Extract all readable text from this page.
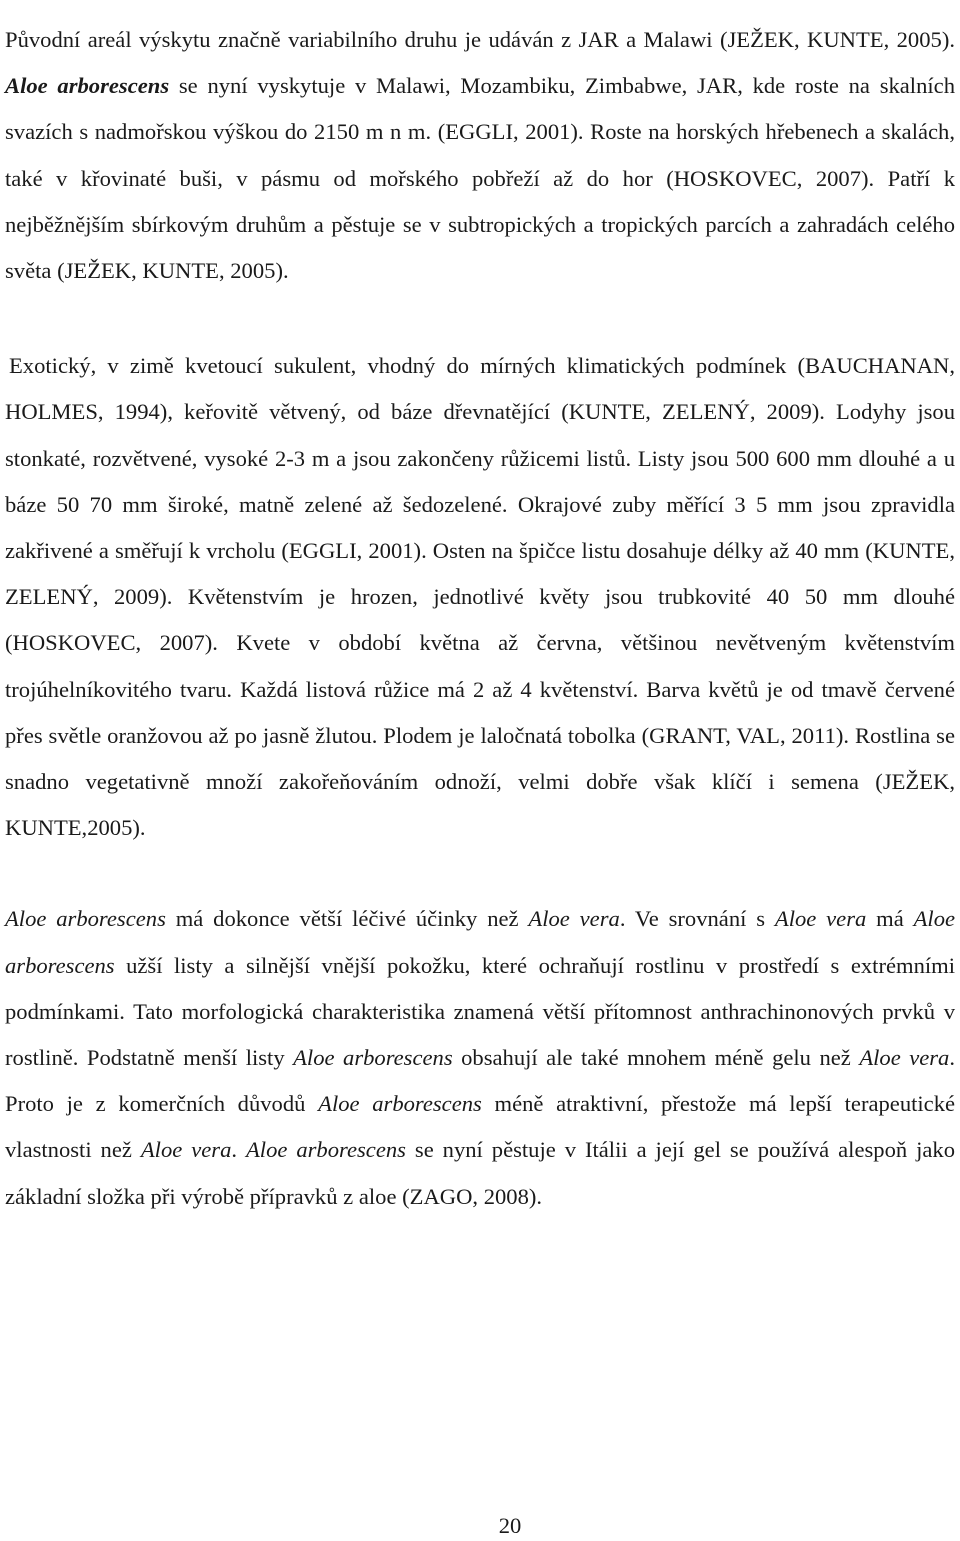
Původní areál výskytu značně variabilního druhu je udáván z JAR a Malawi (JEŽEK, KUNTE, 2005). Aloe arborescens se nyní vyskytuje v Malawi, Mozambiku, Zimbabwe, JAR, kde roste na skalních svazích s nadmořskou výškou do 2150 m n m. (EGGLI, 2001). Roste na horských hřebenech a skalách, také v křovinaté buši, v pásmu od mořského pobřeží až do hor (HOSKOVEC, 2007). Patří k nejběžnějším sbírkovým druhům a pěstuje se v subtropických a tropických parcích a zahradách celého světa (JEŽEK, KUNTE, 2005).

Exotický, v zimě kvetoucí sukulent, vhodný do mírných klimatických podmínek (BAUCHANAN, HOLMES, 1994), keřovitě větvený, od báze dřevnatějící (KUNTE, ZELENÝ, 2009). Lodyhy jsou stonkaté, rozvětvené, vysoké 2-3 m a jsou zakončeny růžicemi listů. Listy jsou 500 600 mm dlouhé a u báze 50 70 mm široké, matně zelené až šedozelené. Okrajové zuby měřící 3 5 mm jsou zpravidla zakřivené a směřují k vrcholu (EGGLI, 2001). Osten na špičce listu dosahuje délky až 40 mm (KUNTE, ZELENÝ, 2009). Květenstvím je hrozen, jednotlivé květy jsou trubkovité 40 50 mm dlouhé (HOSKOVEC, 2007). Kvete v období května až června, většinou nevětveným květenstvím trojúhelníkovitého tvaru. Každá listová růžice má 2 až 4 květenství. Barva květů je od tmavě červené přes světle oranžovou až po jasně žlutou. Plodem je laločnatá tobolka (GRANT, VAL, 2011). Rostlina se snadno vegetativně množí zakořeňováním odnoží, velmi dobře však klíčí i semena (JEŽEK, KUNTE,2005).

Aloe arborescens má dokonce větší léčivé účinky než Aloe vera. Ve srovnání s Aloe vera má Aloe arborescens užší listy a silnější vnější pokožku, které ochraňují rostlinu v prostředí s extrémními podmínkami. Tato morfologická charakteristika znamená větší přítomnost anthrachinonových prvků v rostlině. Podstatně menší listy Aloe arborescens obsahují ale také mnohem méně gelu než Aloe vera. Proto je z komerčních důvodů Aloe arborescens méně atraktivní, přestože má lepší terapeutické vlastnosti než Aloe vera. Aloe arborescens se nyní pěstuje v Itálii a její gel se používá alespoň jako základní složka při výrobě přípravků z aloe (ZAGO, 2008).

20
